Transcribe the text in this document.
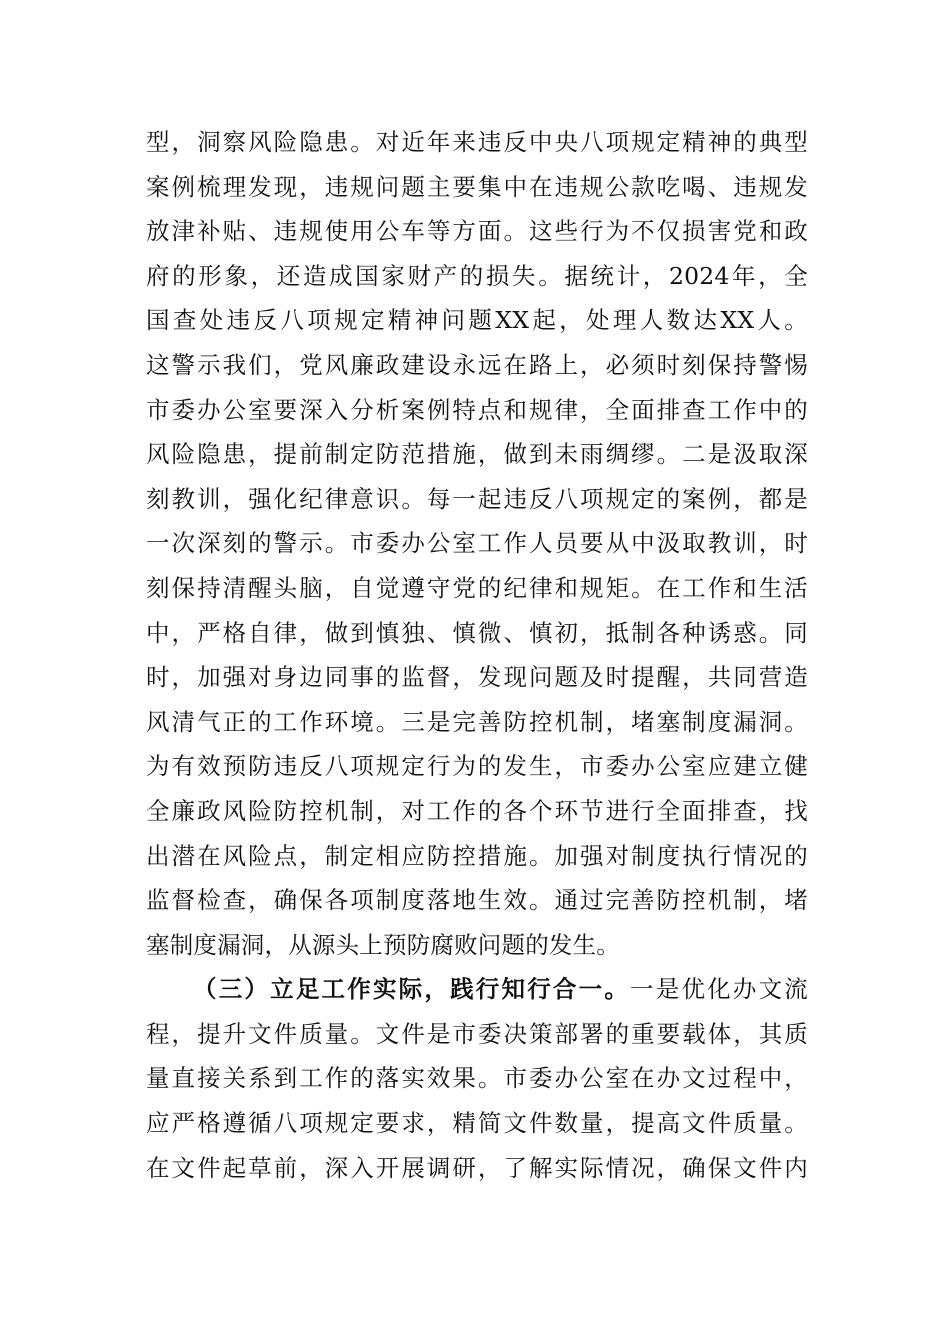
型，洞察风险隐患。对近年来违反中央八项规定精神的典型
案例梳理发现，违规问题主要集中在违规公款吃喝、违规发
放津补贴、违规使用公车等方面。这些行为不仅损害党和政
府的形象，还造成国家财产的损失。据统计，2024年，全
国查处违反八项规定精神问题XX起，处理人数达XX人。
这警示我们，党风廉政建设永远在路上，必须时刻保持警惕
市委办公室要深入分析案例特点和规律，全面排查工作中的
风险隐患，提前制定防范措施，做到未雨绸缪。二是汲取深
刻教训，强化纪律意识。每一起违反八项规定的案例，都是
一次深刻的警示。市委办公室工作人员要从中汲取教训，时
刻保持清醒头脑，自觉遵守党的纪律和规矩。在工作和生活
中，严格自律，做到慎独、慎微、慎初，抵制各种诱惑。同
时，加强对身边同事的监督，发现问题及时提醒，共同营造
风清气正的工作环境。三是完善防控机制，堵塞制度漏洞。
为有效预防违反八项规定行为的发生，市委办公室应建立健
全廉政风险防控机制，对工作的各个环节进行全面排查，找
出潜在风险点，制定相应防控措施。加强对制度执行情况的
监督检查，确保各项制度落地生效。通过完善防控机制，堵
塞制度漏洞，从源头上预防腐败问题的发生。
（三）立足工作实际，践行知行合一。一是优化办文流
程，提升文件质量。文件是市委决策部署的重要载体，其质
量直接关系到工作的落实效果。市委办公室在办文过程中，
应严格遵循八项规定要求，精简文件数量，提高文件质量。
在文件起草前，深入开展调研，了解实际情况，确保文件内
